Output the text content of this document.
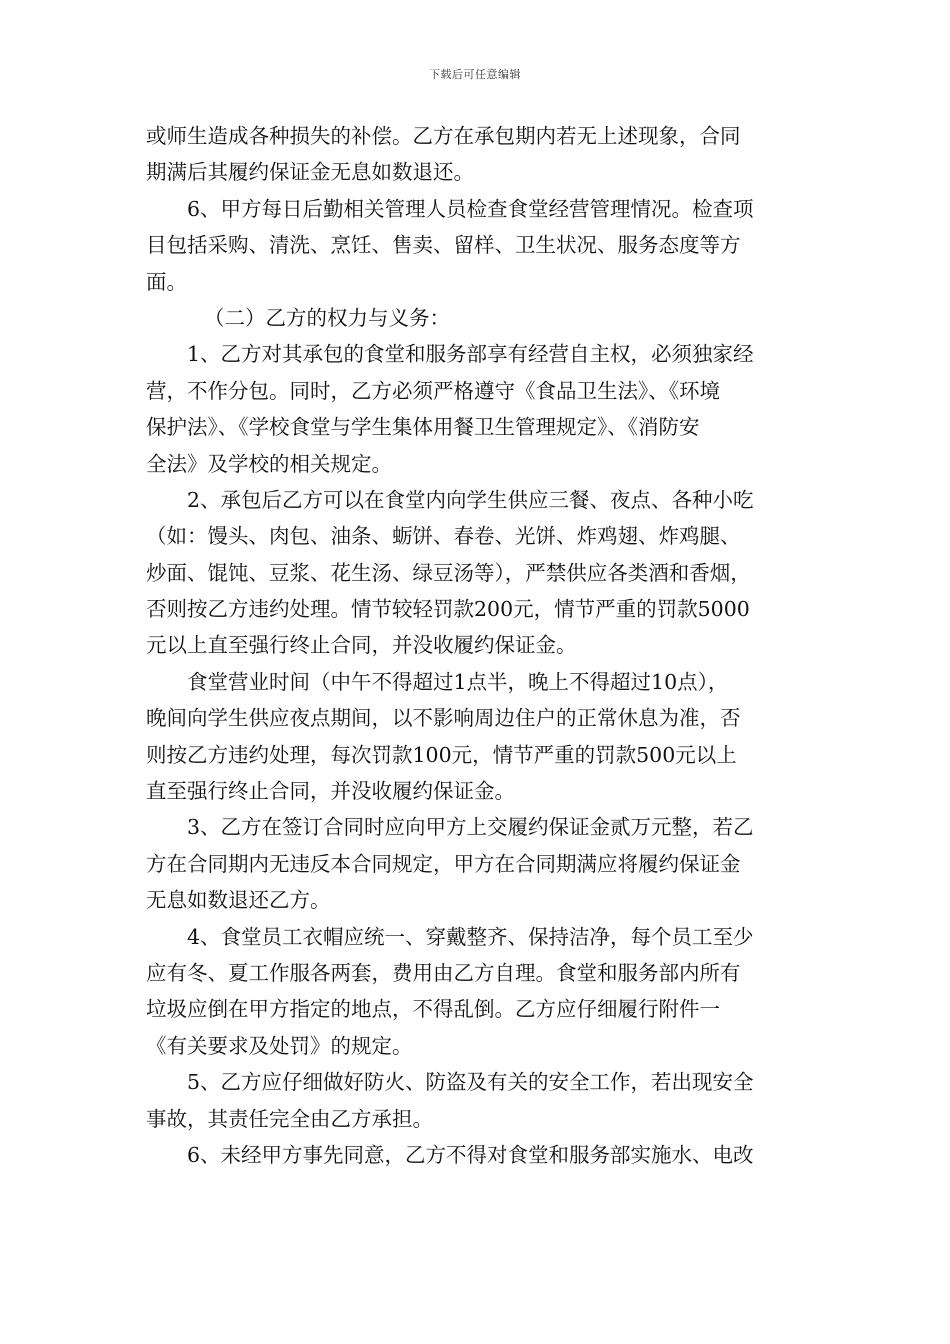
下载后可任意编辑
或师生造成各种损失的补偿。乙方在承包期内若无上述现象，合同
期满后其履约保证金无息如数退还。
6、甲方每日后勤相关管理人员检查食堂经营管理情况。检查项
目包括采购、清洗、烹饪、售卖、留样、卫生状况、服务态度等方
面。
（二）乙方的权力与义务：
1、乙方对其承包的食堂和服务部享有经营自主权，必须独家经
营，不作分包。同时，乙方必须严格遵守《食品卫生法》、《环境
保护法》、《学校食堂与学生集体用餐卫生管理规定》、《消防安
全法》及学校的相关规定。
2、承包后乙方可以在食堂内向学生供应三餐、夜点、各种小吃
（如：馒头、肉包、油条、蛎饼、春卷、光饼、炸鸡翅、炸鸡腿、
炒面、馄饨、豆浆、花生汤、绿豆汤等），严禁供应各类酒和香烟，
否则按乙方违约处理。情节较轻罚款200元，情节严重的罚款5000
元以上直至强行终止合同，并没收履约保证金。
食堂营业时间（中午不得超过1点半，晚上不得超过10点），
晚间向学生供应夜点期间，以不影响周边住户的正常休息为准，否
则按乙方违约处理，每次罚款100元，情节严重的罚款500元以上
直至强行终止合同，并没收履约保证金。
3、乙方在签订合同时应向甲方上交履约保证金贰万元整，若乙
方在合同期内无违反本合同规定，甲方在合同期满应将履约保证金
无息如数退还乙方。
4、食堂员工衣帽应统一、穿戴整齐、保持洁净，每个员工至少
应有冬、夏工作服各两套，费用由乙方自理。食堂和服务部内所有
垃圾应倒在甲方指定的地点，不得乱倒。乙方应仔细履行附件一
《有关要求及处罚》的规定。
5、乙方应仔细做好防火、防盗及有关的安全工作，若出现安全
事故，其责任完全由乙方承担。
6、未经甲方事先同意，乙方不得对食堂和服务部实施水、电改
